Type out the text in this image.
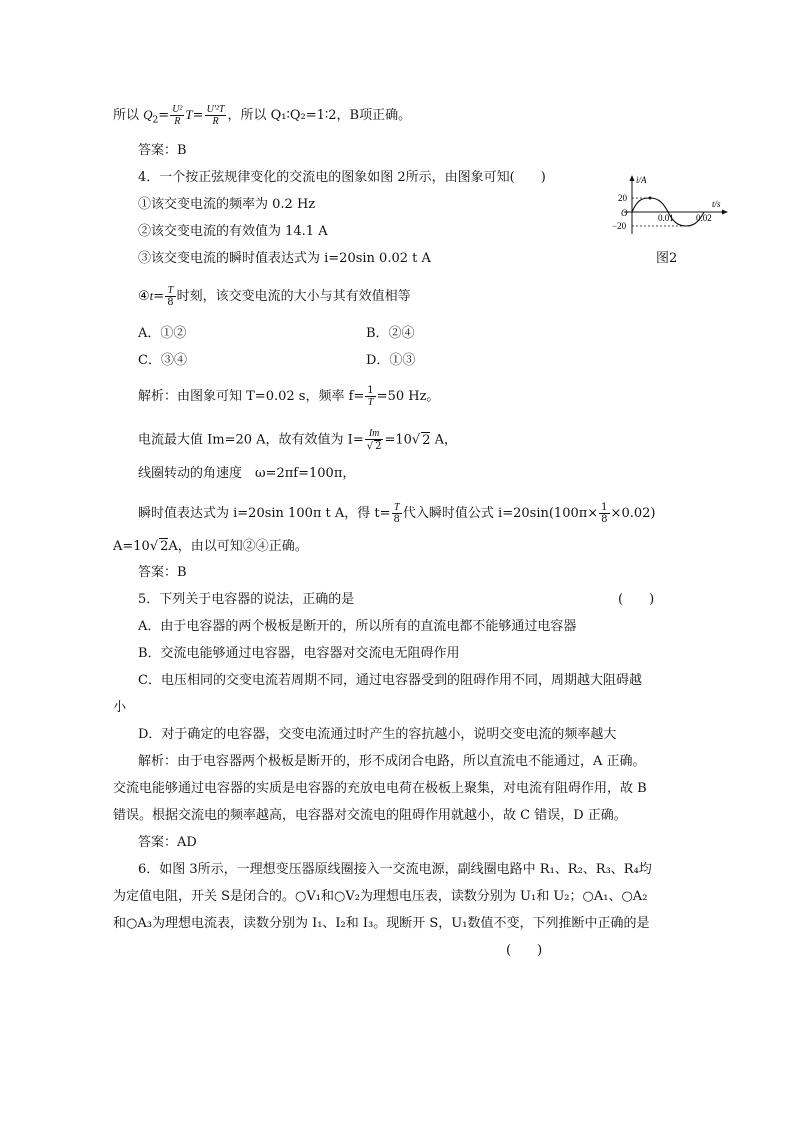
所以 $Q_2= \frac{\text{U²}}{R} T= \frac{\text{U'²T}}{R}$ ，所以 Q₁∶Q₂=1∶2，B项正确。
答案：B
4．一个按正弦规律变化的交流电的图象如图 2所示，由图象可知(　　)
①该交变电流的频率为 0.2 Hz
②该交变电流的有效值为 14.1 A
③该交变电流的瞬时值表达式为 i=20sin 0.02 t A
④t= $\frac{T}{8}$ 时刻，该交变电流的大小与其有效值相等
A．①②	B．②④
C．③④	D．①③
i/A
t/s
20
−20
O	0.01 0.02
图2
解析：由图象可知 T=0.02 s，频率 $f= \frac{1}{T} =50$ Hz。
电流最大值 Im=20 A，故有效值为 $I= \frac{Im}{√ 2} =10√$ 2 A，
线圈转动的角速度　ω=2πf=100π，
瞬时值表达式为 i=20sin 100π t A，得 $t= \frac{T}{8}$ 代入瞬时值公式 $i=20\sin(100\pi\times \frac{1}{8} \times 0.02)$
A=10√ 2A，由以可知②④正确。
答案：B
5．下列关于电容器的说法，正确的是	(　　)
A．由于电容器的两个极板是断开的，所以所有的直流电都不能够通过电容器
B．交流电能够通过电容器，电容器对交流电无阻碍作用
C．电压相同的交变电流若周期不同，通过电容器受到的阻碍作用不同，周期越大阻碍越
小
D．对于确定的电容器，交变电流通过时产生的容抗越小，说明交变电流的频率越大
解析：由于电容器两个极板是断开的，形不成闭合电路，所以直流电不能通过，A 正确。
交流电能够通过电容器的实质是电容器的充放电电荷在极板上聚集，对电流有阻碍作用，故 B
错误。根据交流电的频率越高，电容器对交流电的阻碍作用就越小，故 C 错误，D 正确。
答案：AD
6．如图 3所示，一理想变压器原线圈接入一交流电源，副线圈电路中 R₁、R₂、R₃、R₄均
为定值电阻，开关 S是闭合的。○V₁和○V₂为理想电压表，读数分别为 U₁和 U₂；○A₁、○A₂
和○A₃为理想电流表，读数分别为 I₁、I₂和 I₃。现断开 S，U₁数值不变，下列推断中正确的是
(　　)
